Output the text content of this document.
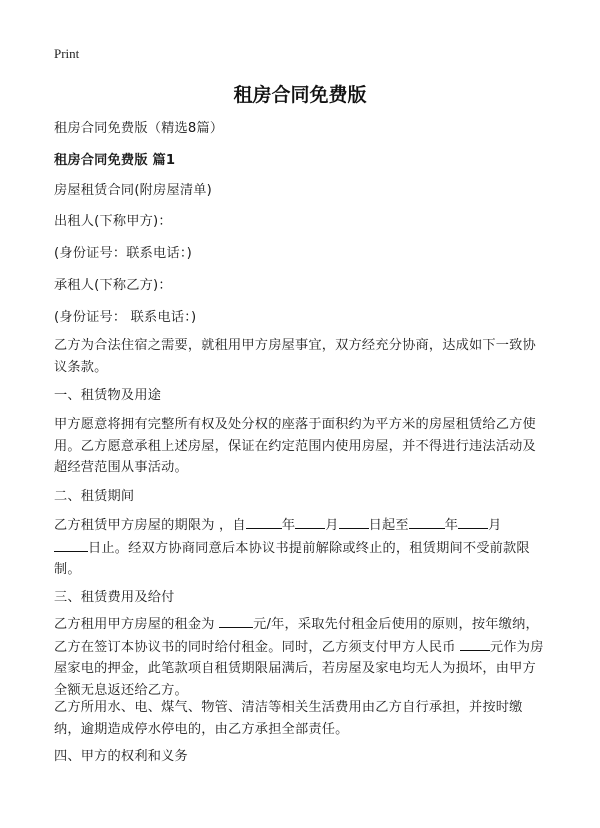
Print
租房合同免费版
租房合同免费版（精选8篇）
租房合同免费版 篇1
房屋租赁合同(附房屋清单)
出租人(下称甲方)：
(身份证号：联系电话：)
承租人(下称乙方)：
(身份证号： 联系电话：)
乙方为合法住宿之需要，就租用甲方房屋事宜，双方经充分协商，达成如下一致协议条款。
一、租赁物及用途
甲方愿意将拥有完整所有权及处分权的座落于面积约为平方米的房屋租赁给乙方使用。乙方愿意承租上述房屋，保证在约定范围内使用房屋，并不得进行违法活动及超经营范围从事活动。
二、租赁期间
乙方租赁甲方房屋的期限为 ，自	年 月 日起至	年 月
日止。经双方协商同意后本协议书提前解除或终止的，租赁期间不受前款限制。
三、租赁费用及给付
乙方租用甲方房屋的租金为	元/年，采取先付租金后使用的原则，按年缴纳，乙方在签订本协议书的同时给付租金。同时，乙方须支付甲方人民币	元作为房屋家电的押金，此笔款项自租赁期限届满后，若房屋及家电均无人为损坏，由甲方全额无息返还给乙方。
乙方所用水、电、煤气、物管、清洁等相关生活费用由乙方自行承担，并按时缴纳，逾期造成停水停电的，由乙方承担全部责任。
四、甲方的权利和义务
